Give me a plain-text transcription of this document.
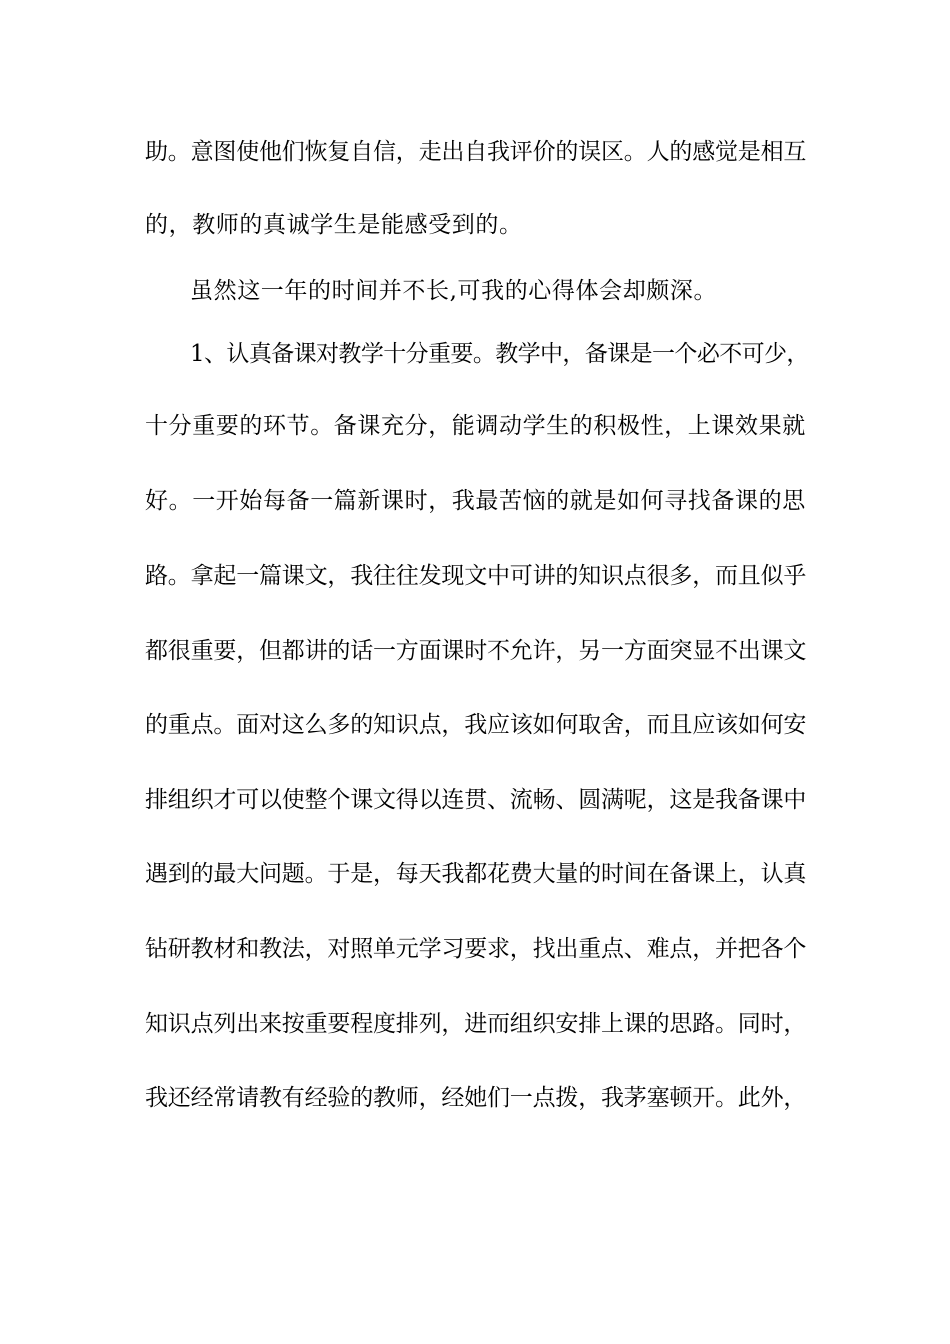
助。意图使他们恢复自信，走出自我评价的误区。人的感觉是相互
的，教师的真诚学生是能感受到的。
虽然这一年的时间并不长,可我的心得体会却颇深。
1、认真备课对教学十分重要。教学中，备课是一个必不可少，
十分重要的环节。备课充分，能调动学生的积极性，上课效果就
好。一开始每备一篇新课时，我最苦恼的就是如何寻找备课的思
路。拿起一篇课文，我往往发现文中可讲的知识点很多，而且似乎
都很重要，但都讲的话一方面课时不允许，另一方面突显不出课文
的重点。面对这么多的知识点，我应该如何取舍，而且应该如何安
排组织才可以使整个课文得以连贯、流畅、圆满呢，这是我备课中
遇到的最大问题。于是，每天我都花费大量的时间在备课上，认真
钻研教材和教法，对照单元学习要求，找出重点、难点，并把各个
知识点列出来按重要程度排列，进而组织安排上课的思路。同时，
我还经常请教有经验的教师，经她们一点拨，我茅塞顿开。此外，
